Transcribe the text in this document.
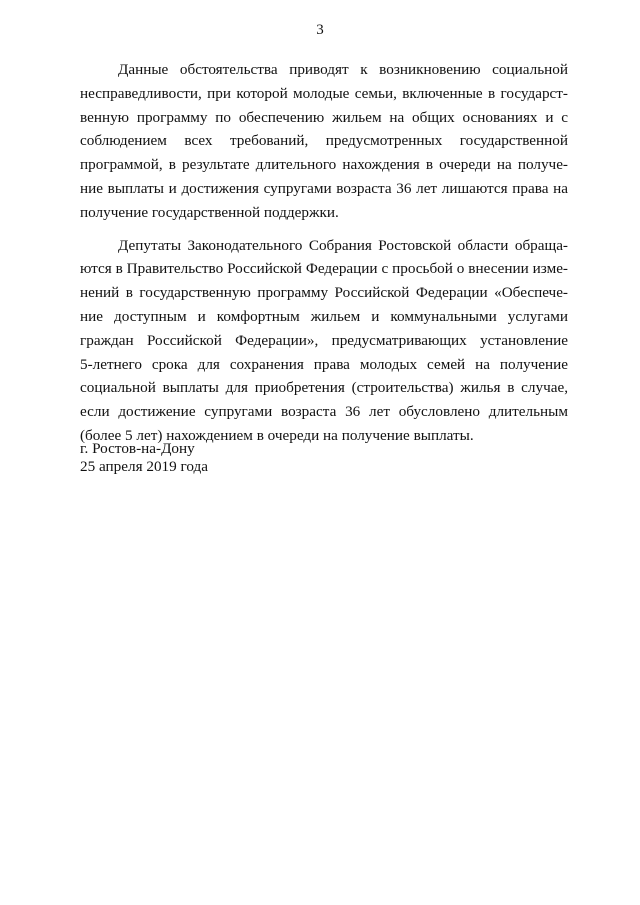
3
Данные обстоятельства приводят к возникновению социальной
несправедливости, при которой молодые семьи, включенные в государст-
венную программу по обеспечению жильем на общих основаниях и с
соблюдением всех требований, предусмотренных государственной
программой, в результате длительного нахождения в очереди на получе-
ние выплаты и достижения супругами возраста 36 лет лишаются права на
получение государственной поддержки.
Депутаты Законодательного Собрания Ростовской области обраща-
ются в Правительство Российской Федерации с просьбой о внесении изме-
нений в государственную программу Российской Федерации «Обеспече-
ние доступным и комфортным жильем и коммунальными услугами
граждан Российской Федерации», предусматривающих установление
5-летнего срока для сохранения права молодых семей на получение
социальной выплаты для приобретения (строительства) жилья в случае,
если достижение супругами возраста 36 лет обусловлено длительным
(более 5 лет) нахождением в очереди на получение выплаты.
г. Ростов-на-Дону
25 апреля 2019 года
